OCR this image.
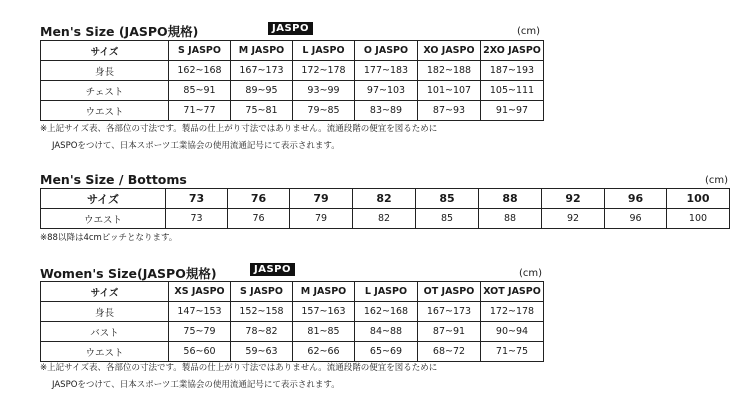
Men's Size (JASPO規格)	JASPO	(cm)
サイズ	S JASPO	M JASPO	L JASPO	O JASPO	XO JASPO	2XO JASPO
身長	162~168	167~173	172~178	177~183	182~188	187~193
チェスト	85~91	89~95	93~99	97~103	101~107	105~111
ウエスト	71~77	75~81	79~85	83~89	87~93	91~97
※上記サイズ表、各部位の寸法です。製品の仕上がり寸法ではありません。流通段階の便宜を図るために
JASPOをつけて、日本スポーツ工業協会の使用流通記号にて表示されます。
Men's Size / Bottoms	(cm)
サイズ	73	76	79	82	85	88	92	96	100
ウエスト	73	76	79	82	85	88	92	96	100
※88以降は4cmピッチとなります。
Women's Size(JASPO規格)	JASPO	(cm)
サイズ	XS JASPO	S JASPO	M JASPO	L JASPO	OT JASPO	XOT JASPO
身長	147~153	152~158	157~163	162~168	167~173	172~178
バスト	75~79	78~82	81~85	84~88	87~91	90~94
ウエスト	56~60	59~63	62~66	65~69	68~72	71~75
※上記サイズ表、各部位の寸法です。製品の仕上がり寸法ではありません。流通段階の便宜を図るために
JASPOをつけて、日本スポーツ工業協会の使用流通記号にて表示されます。
